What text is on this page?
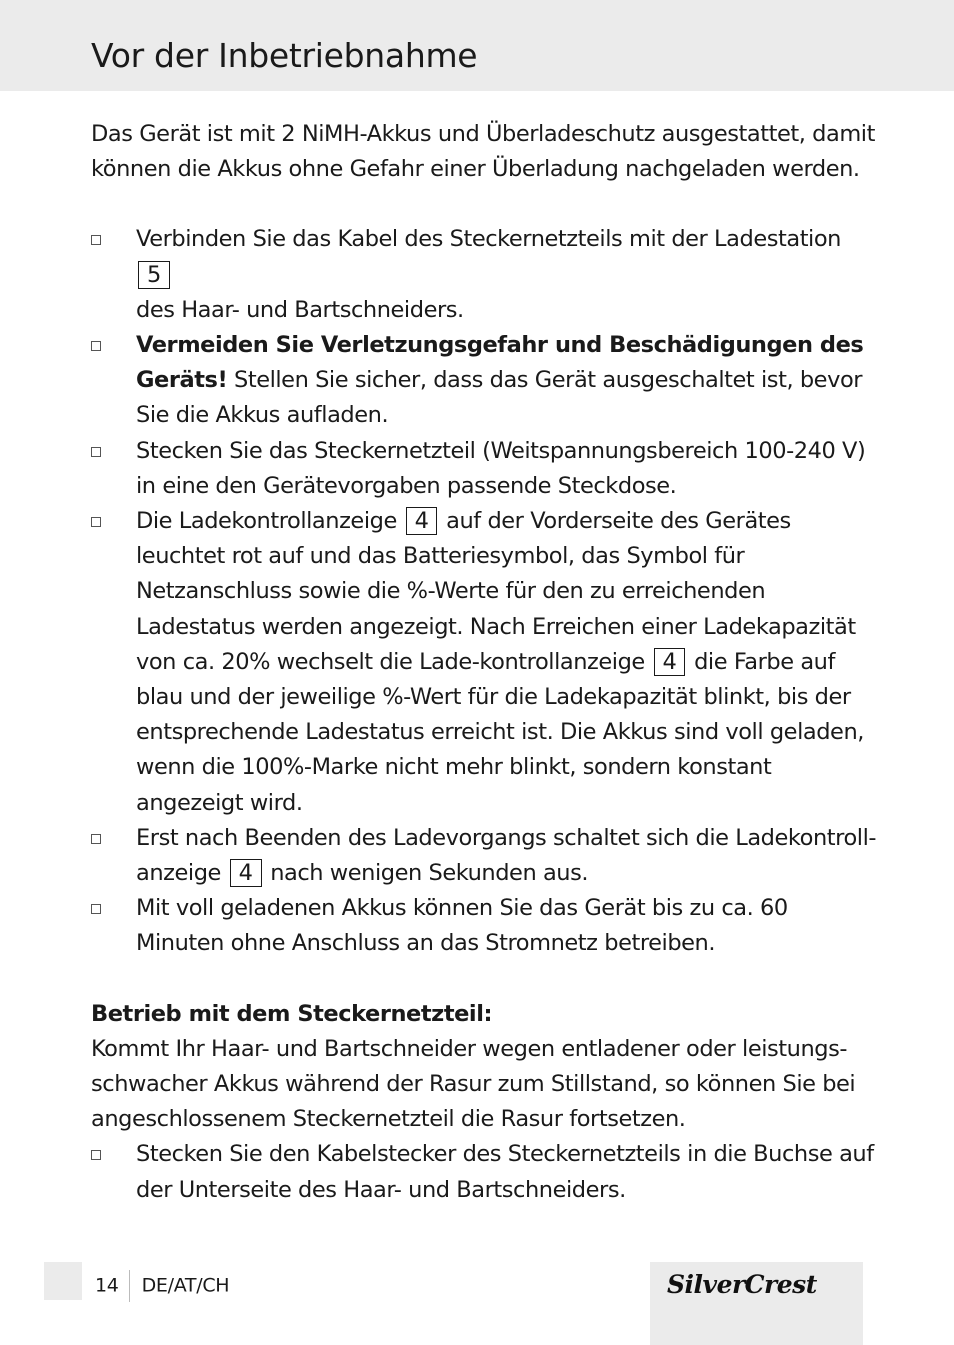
Vor der Inbetriebnahme

Das Gerät ist mit 2 NiMH-Akkus und Überladeschutz ausgestattet, damit können die Akkus ohne Gefahr einer Überladung nachgeladen werden.

Verbinden Sie das Kabel des Steckernetzteils mit der Ladestation 5
des Haar- und Bartschneiders.
Vermeiden Sie Verletzungsgefahr und Beschädigungen des Geräts! Stellen Sie sicher, dass das Gerät ausgeschaltet ist, bevor Sie die Akkus aufladen.
Stecken Sie das Steckernetzteil (Weitspannungsbereich 100-240 V) in eine den Gerätevorgaben passende Steckdose.
Die Ladekontrollanzeige 4 auf der Vorderseite des Gerätes leuchtet rot auf und das Batteriesymbol, das Symbol für Netzanschluss sowie die %-Werte für den zu erreichenden Ladestatus werden angezeigt. Nach Erreichen einer Ladekapazität von ca. 20% wechselt die Lade-kontrollanzeige 4 die Farbe auf blau und der jeweilige %-Wert für die Ladekapazität blinkt, bis der entsprechende Ladestatus erreicht ist. Die Akkus sind voll geladen, wenn die 100%-Marke nicht mehr blinkt, sondern konstant angezeigt wird.
Erst nach Beenden des Ladevorgangs schaltet sich die Ladekontroll-anzeige 4 nach wenigen Sekunden aus.
Mit voll geladenen Akkus können Sie das Gerät bis zu ca. 60 Minuten ohne Anschluss an das Stromnetz betreiben.

Betrieb mit dem Steckernetzteil:

Kommt Ihr Haar- und Bartschneider wegen entladener oder leistungs-schwacher Akkus während der Rasur zum Stillstand, so können Sie bei angeschlossenem Steckernetzteil die Rasur fortsetzen.

Stecken Sie den Kabelstecker des Steckernetzteils in die Buchse auf der Unterseite des Haar- und Bartschneiders.
14 DE/AT/CH	SilverCrest
